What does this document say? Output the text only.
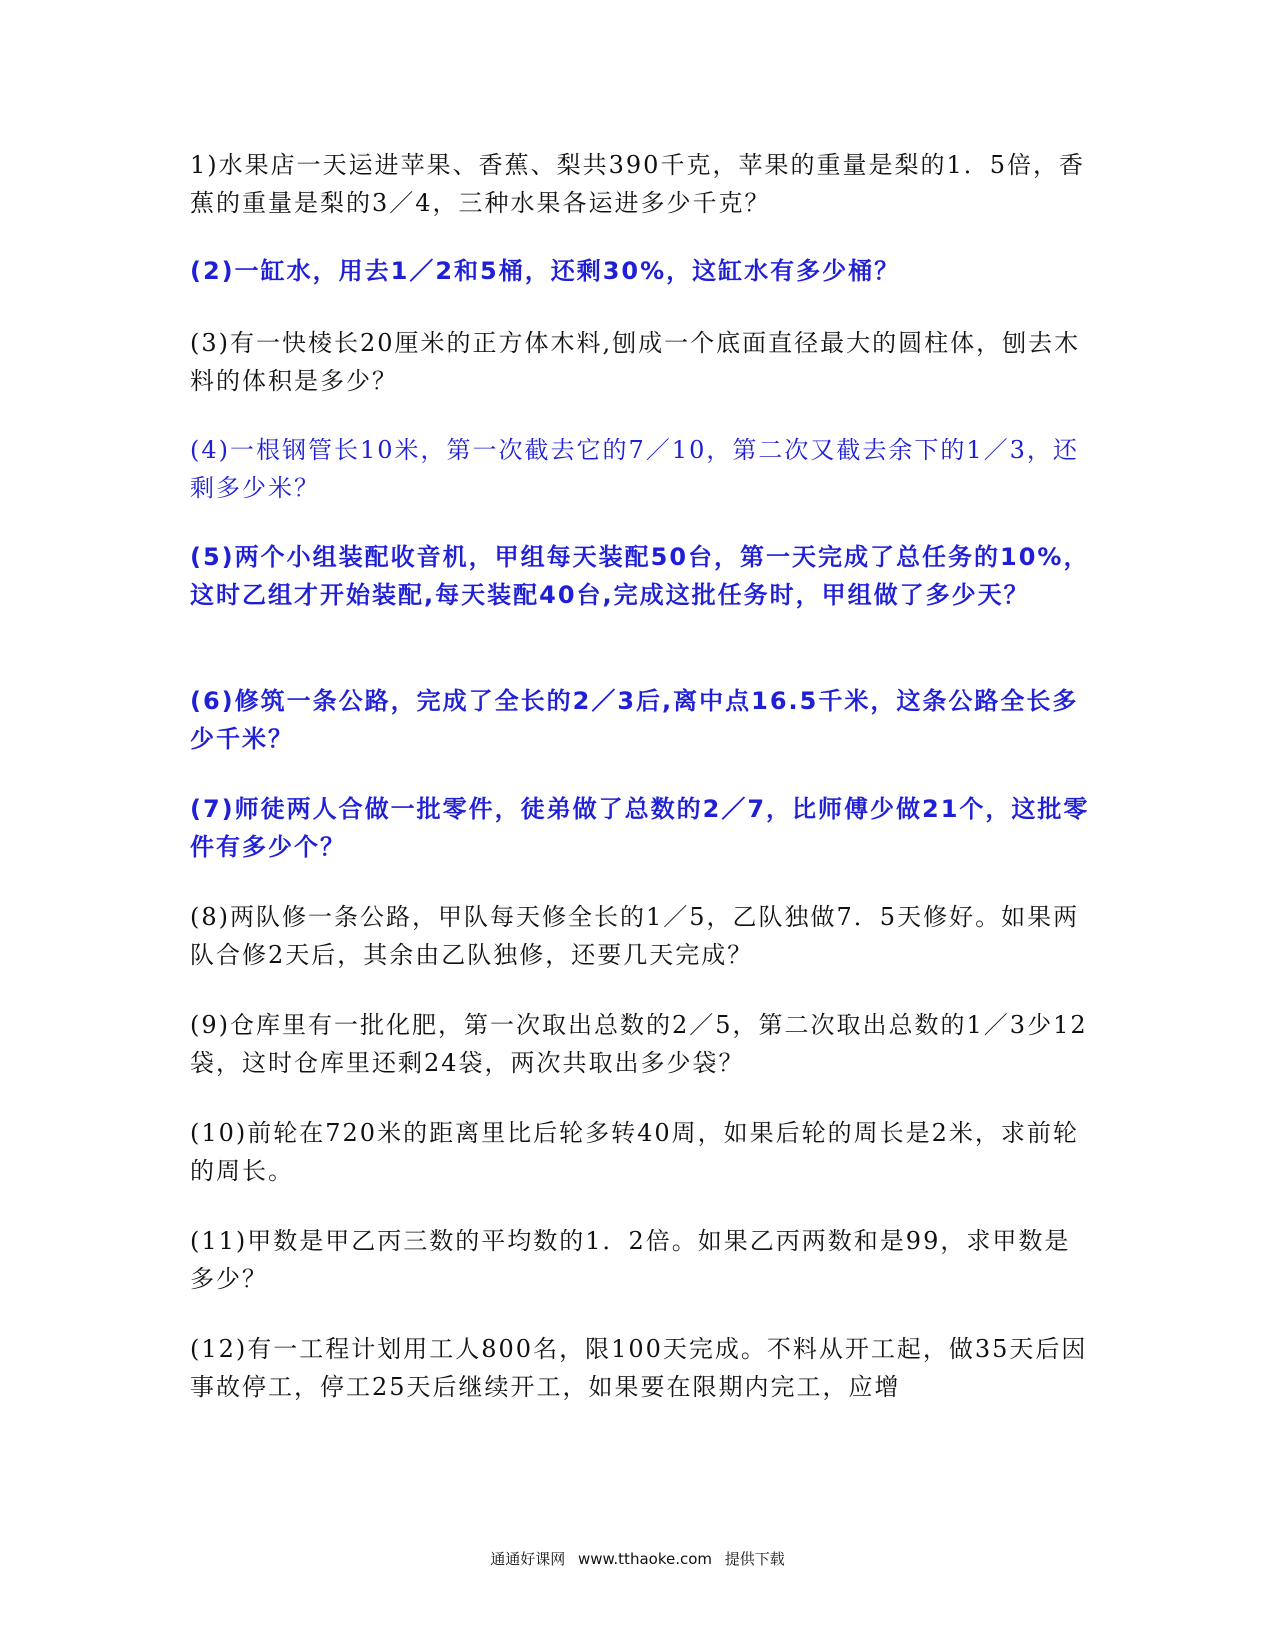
1)水果店一天运进苹果、香蕉、梨共390千克，苹果的重量是梨的1．5倍，香蕉的重量是梨的3／4，三种水果各运进多少千克？

(2)一缸水，用去1／2和5桶，还剩30%，这缸水有多少桶？

(3)有一快棱长20厘米的正方体木料,刨成一个底面直径最大的圆柱体，刨去木料的体积是多少？

(4)一根钢管长10米，第一次截去它的7／10，第二次又截去余下的1／3，还剩多少米？

(5)两个小组装配收音机，甲组每天装配50台，第一天完成了总任务的10%，这时乙组才开始装配,每天装配40台,完成这批任务时，甲组做了多少天？

(6)修筑一条公路，完成了全长的2／3后,离中点16.5千米，这条公路全长多少千米？

(7)师徒两人合做一批零件，徒弟做了总数的2／7，比师傅少做21个，这批零件有多少个？

(8)两队修一条公路，甲队每天修全长的1／5，乙队独做7．5天修好。如果两队合修2天后，其余由乙队独修，还要几天完成？

(9)仓库里有一批化肥，第一次取出总数的2／5，第二次取出总数的1／3少12袋，这时仓库里还剩24袋，两次共取出多少袋？

(10)前轮在720米的距离里比后轮多转40周，如果后轮的周长是2米，求前轮的周长。

(11)甲数是甲乙丙三数的平均数的1．2倍。如果乙丙两数和是99，求甲数是多少？

(12)有一工程计划用工人800名，限100天完成。不料从开工起，做35天后因事故停工，停工25天后继续开工，如果要在限期内完工，应增

通通好课网 www.tthaoke.com 提供下载
